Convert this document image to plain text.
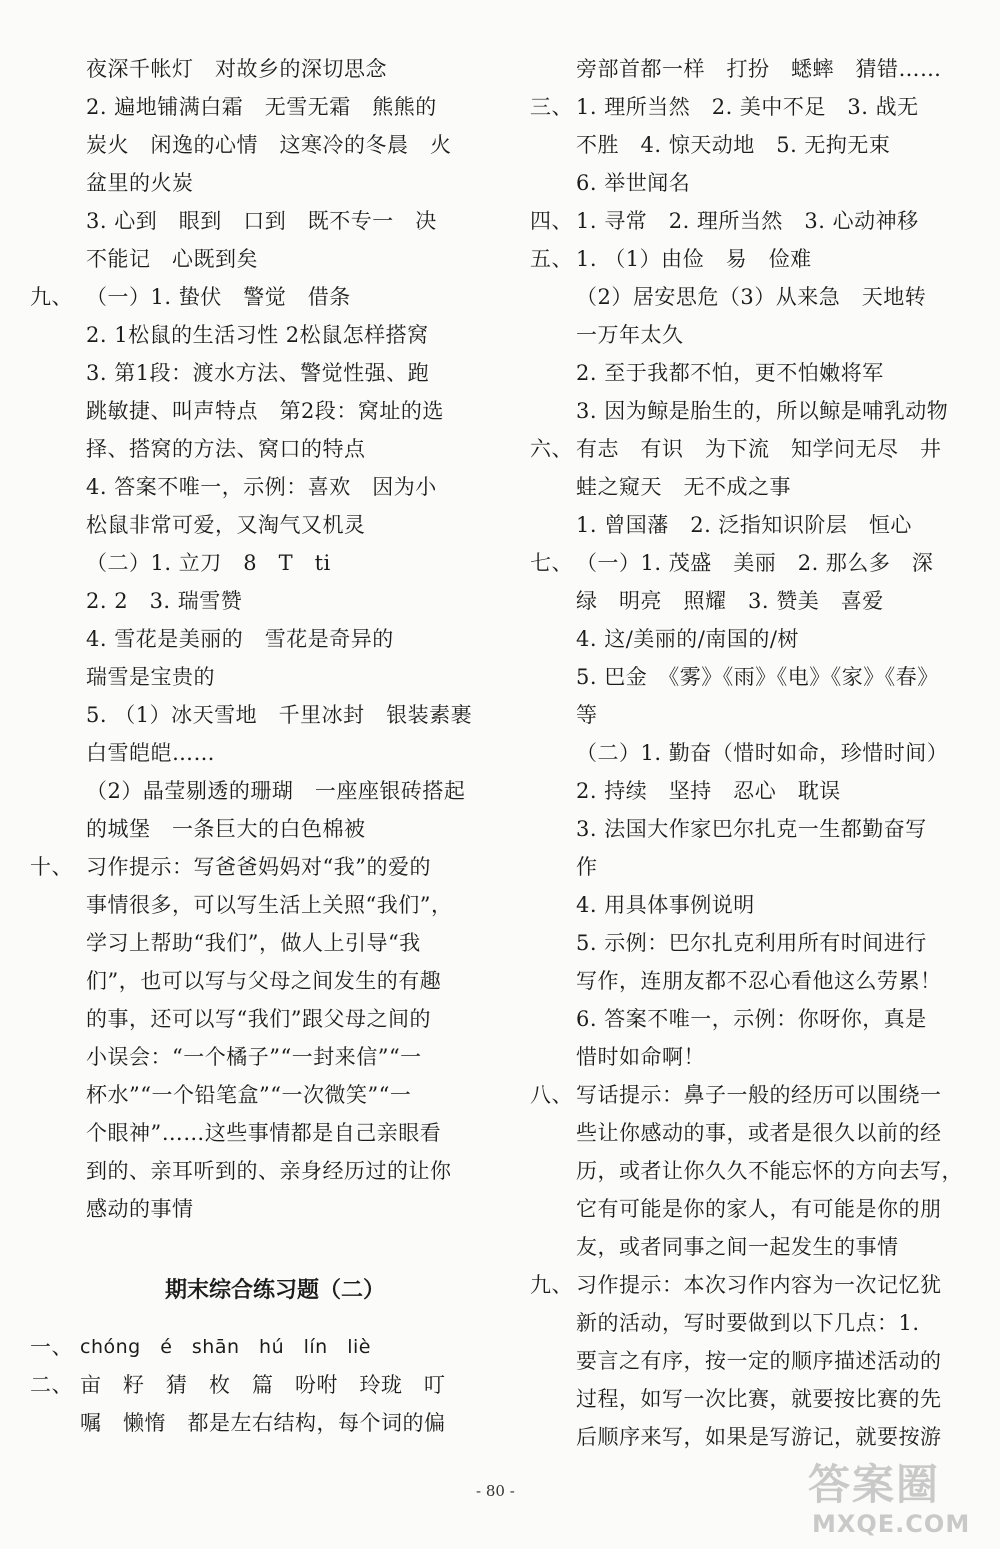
夜深千帐灯　对故乡的深切思念
2. 遍地铺满白霜　无雪无霜　熊熊的
炭火　闲逸的心情　这寒冷的冬晨　火
盆里的火炭
3. 心到　眼到　口到　既不专一　决
不能记　心既到矣
九、 （一）1. 蛰伏　警觉　借条
2. 1松鼠的生活习性 2松鼠怎样搭窝
3. 第1段：渡水方法、警觉性强、跑
跳敏捷、叫声特点　第2段：窝址的选
择、搭窝的方法、窝口的特点
4. 答案不唯一，示例：喜欢　因为小
松鼠非常可爱，又淘气又机灵
（二）1. 立刀　8　T　ti
2. 2　3. 瑞雪赞
4. 雪花是美丽的　雪花是奇异的　
瑞雪是宝贵的
5. （1）冰天雪地　千里冰封　银装素裹
白雪皑皑……
（2）晶莹剔透的珊瑚　一座座银砖搭起
的城堡　一条巨大的白色棉被
十、 习作提示：写爸爸妈妈对“我”的爱的
事情很多，可以写生活上关照“我们”，
学习上帮助“我们”，做人上引导“我
们”，也可以写与父母之间发生的有趣
的事，还可以写“我们”跟父母之间的
小误会：“一个橘子”“一封来信”“一
杯水”“一个铅笔盒”“一次微笑”“一
个眼神”……这些事情都是自己亲眼看
到的、亲耳听到的、亲身经历过的让你
感动的事情
期末综合练习题（二）
一、 chóng　é　shān　hú　lín　liè
二、 亩　籽　猜　枚　篇　吩咐　玲珑　叮
嘱　懒惰　都是左右结构，每个词的偏
旁部首都一样　打扮　蟋蟀　猜错……
三、 1. 理所当然　2. 美中不足　3. 战无
不胜　4. 惊天动地　5. 无拘无束
6. 举世闻名
四、 1. 寻常　2. 理所当然　3. 心动神移
五、 1. （1）由俭　易　俭难
（2）居安思危（3）从来急　天地转
一万年太久
2. 至于我都不怕，更不怕嫩将军
3. 因为鲸是胎生的，所以鲸是哺乳动物
六、 有志　有识　为下流　知学问无尽　井
蛙之窥天　无不成之事
1. 曾国藩　2. 泛指知识阶层　恒心
七、 （一）1. 茂盛　美丽　2. 那么多　深
绿　明亮　照耀　3. 赞美　喜爱
4. 这/美丽的/南国的/树
5. 巴金　《雾》《雨》《电》《家》《春》
等
（二）1. 勤奋（惜时如命，珍惜时间）
2. 持续　坚持　忍心　耽误
3. 法国大作家巴尔扎克一生都勤奋写
作
4. 用具体事例说明
5. 示例：巴尔扎克利用所有时间进行
写作，连朋友都不忍心看他这么劳累！
6. 答案不唯一，示例：你呀你，真是
惜时如命啊！
八、 写话提示：鼻子一般的经历可以围绕一
些让你感动的事，或者是很久以前的经
历，或者让你久久不能忘怀的方向去写，
它有可能是你的家人，有可能是你的朋
友，或者同事之间一起发生的事情
九、 习作提示：本次习作内容为一次记忆犹
新的活动，写时要做到以下几点：1.
要言之有序，按一定的顺序描述活动的
过程，如写一次比赛，就要按比赛的先
后顺序来写，如果是写游记，就要按游
- 80 -	答案圈
MXQE.COM
